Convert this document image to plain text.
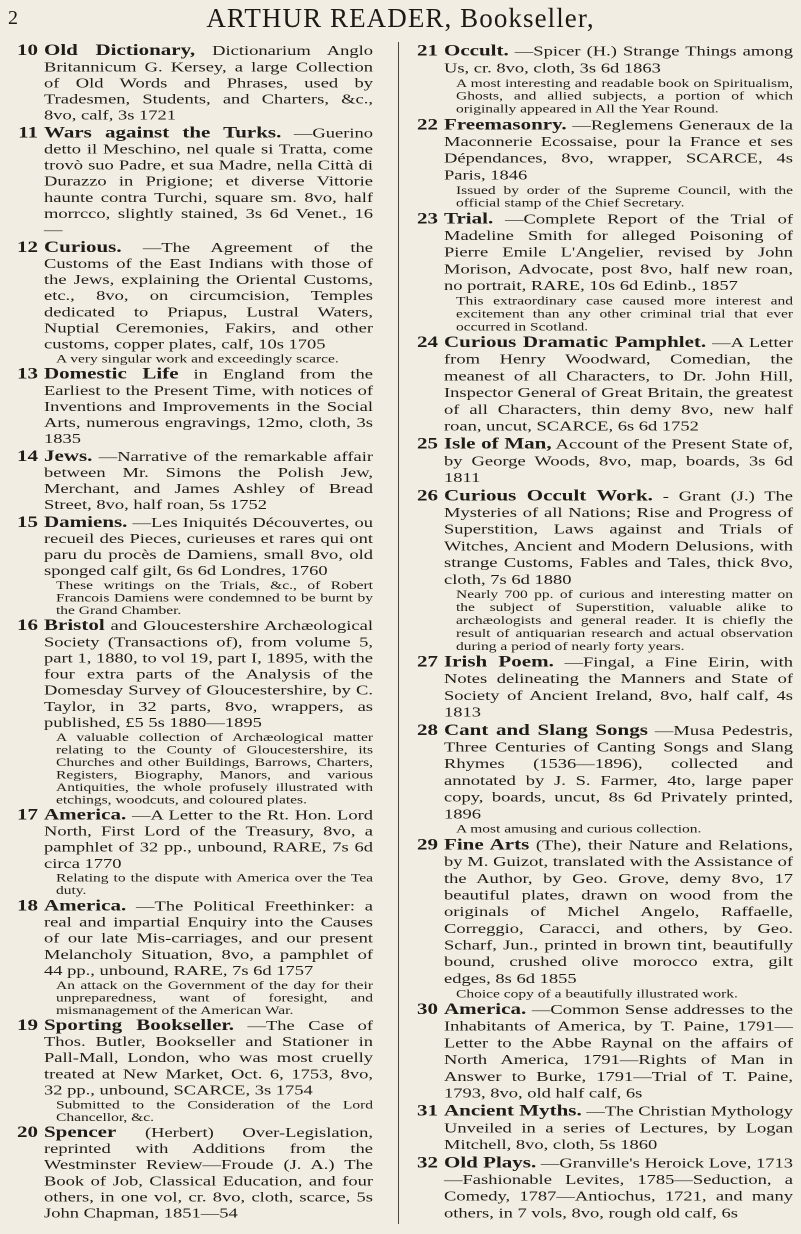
2	ARTHUR READER, Bookseller,
10 Old Dictionary, Dictionarium Anglo Britannicum G. Kersey, a large Collection of Old Words and Phrases, used by Tradesmen, Students, and Charters, &c., 8vo, calf, 3s 1721

11 Wars against the Turks. —Guerino detto il Meschino, nel quale si Tratta, come trovò suo Padre, et sua Madre, nella Città di Durazzo in Prigione; et diverse Vittorie haunte contra Turchi, square sm. 8vo, half morrcco, slightly stained, 3s 6d Venet., 16—

12 Curious. —The Agreement of the Customs of the East Indians with those of the Jews, explaining the Oriental Customs, etc., 8vo, on circumcision, Temples dedicated to Priapus, Lustral Waters, Nuptial Ceremonies, Fakirs, and other customs, copper plates, calf, 10s 1705

A very singular work and exceedingly scarce.

13 Domestic Life in England from the Earliest to the Present Time, with notices of Inventions and Improvements in the Social Arts, numerous engravings, 12mo, cloth, 3s 1835

14 Jews. —Narrative of the remarkable affair between Mr. Simons the Polish Jew, Merchant, and James Ashley of Bread Street, 8vo, half roan, 5s 1752

15 Damiens. —Les Iniquités Découvertes, ou recueil des Pieces, curieuses et rares qui ont paru du procès de Damiens, small 8vo, old sponged calf gilt, 6s 6d Londres, 1760

These writings on the Trials, &c., of Robert Francois Damiens were condemned to be burnt by the Grand Chamber.

16 Bristol and Gloucestershire Archæological Society (Transactions of), from volume 5, part 1, 1880, to vol 19, part I, 1895, with the four extra parts of the Analysis of the Domesday Survey of Gloucestershire, by C. Taylor, in 32 parts, 8vo, wrappers, as published, £5 5s 1880—1895

A valuable collection of Archæological matter relating to the County of Gloucestershire, its Churches and other Buildings, Barrows, Charters, Registers, Biography, Manors, and various Antiquities, the whole profusely illustrated with etchings, woodcuts, and coloured plates.

17 America. —A Letter to the Rt. Hon. Lord North, First Lord of the Treasury, 8vo, a pamphlet of 32 pp., unbound, RARE, 7s 6d circa 1770

Relating to the dispute with America over the Tea duty.

18 America. —The Political Freethinker: a real and impartial Enquiry into the Causes of our late Mis-carriages, and our present Melancholy Situation, 8vo, a pamphlet of 44 pp., unbound, RARE, 7s 6d 1757

An attack on the Government of the day for their unpreparedness, want of foresight, and mismanagement of the American War.

19 Sporting Bookseller. —The Case of Thos. Butler, Bookseller and Stationer in Pall-Mall, London, who was most cruelly treated at New Market, Oct. 6, 1753, 8vo, 32 pp., unbound, SCARCE, 3s 1754

Submitted to the Consideration of the Lord Chancellor, &c.

20 Spencer (Herbert) Over-Legislation, reprinted with Additions from the Westminster Review—Froude (J. A.) The Book of Job, Classical Education, and four others, in one vol, cr. 8vo, cloth, scarce, 5s John Chapman, 1851—54

21 Occult. —Spicer (H.) Strange Things among Us, cr. 8vo, cloth, 3s 6d 1863

A most interesting and readable book on Spiritualism, Ghosts, and allied subjects, a portion of which originally appeared in All the Year Round.

22 Freemasonry. —Reglemens Generaux de la Maconnerie Ecossaise, pour la France et ses Dépendances, 8vo, wrapper, SCARCE, 4s Paris, 1846

Issued by order of the Supreme Council, with the official stamp of the Chief Secretary.

23 Trial. —Complete Report of the Trial of Madeline Smith for alleged Poisoning of Pierre Emile L'Angelier, revised by John Morison, Advocate, post 8vo, half new roan, no portrait, RARE, 10s 6d Edinb., 1857

This extraordinary case caused more interest and excitement than any other criminal trial that ever occurred in Scotland.

24 Curious Dramatic Pamphlet. —A Letter from Henry Woodward, Comedian, the meanest of all Characters, to Dr. John Hill, Inspector General of Great Britain, the greatest of all Characters, thin demy 8vo, new half roan, uncut, SCARCE, 6s 6d 1752

25 Isle of Man, Account of the Present State of, by George Woods, 8vo, map, boards, 3s 6d 1811

26 Curious Occult Work. - Grant (J.) The Mysteries of all Nations; Rise and Progress of Superstition, Laws against and Trials of Witches, Ancient and Modern Delusions, with strange Customs, Fables and Tales, thick 8vo, cloth, 7s 6d 1880

Nearly 700 pp. of curious and interesting matter on the subject of Superstition, valuable alike to archæologists and general reader. It is chiefly the result of antiquarian research and actual observation during a period of nearly forty years.

27 Irish Poem. —Fingal, a Fine Eirin, with Notes delineating the Manners and State of Society of Ancient Ireland, 8vo, half calf, 4s 1813

28 Cant and Slang Songs —Musa Pedestris, Three Centuries of Canting Songs and Slang Rhymes (1536—1896), collected and annotated by J. S. Farmer, 4to, large paper copy, boards, uncut, 8s 6d Privately printed, 1896

A most amusing and curious collection.

29 Fine Arts (The), their Nature and Relations, by M. Guizot, translated with the Assistance of the Author, by Geo. Grove, demy 8vo, 17 beautiful plates, drawn on wood from the originals of Michel Angelo, Raffaelle, Correggio, Caracci, and others, by Geo. Scharf, Jun., printed in brown tint, beautifully bound, crushed olive morocco extra, gilt edges, 8s 6d 1855

Choice copy of a beautifully illustrated work.

30 America. —Common Sense addresses to the Inhabitants of America, by T. Paine, 1791—Letter to the Abbe Raynal on the affairs of North America, 1791—Rights of Man in Answer to Burke, 1791—Trial of T. Paine, 1793, 8vo, old half calf, 6s

31 Ancient Myths. —The Christian Mythology Unveiled in a series of Lectures, by Logan Mitchell, 8vo, cloth, 5s 1860

32 Old Plays. —Granville's Heroick Love, 1713—Fashionable Levites, 1785—Seduction, a Comedy, 1787—Antiochus, 1721, and many others, in 7 vols, 8vo, rough old calf, 6s
